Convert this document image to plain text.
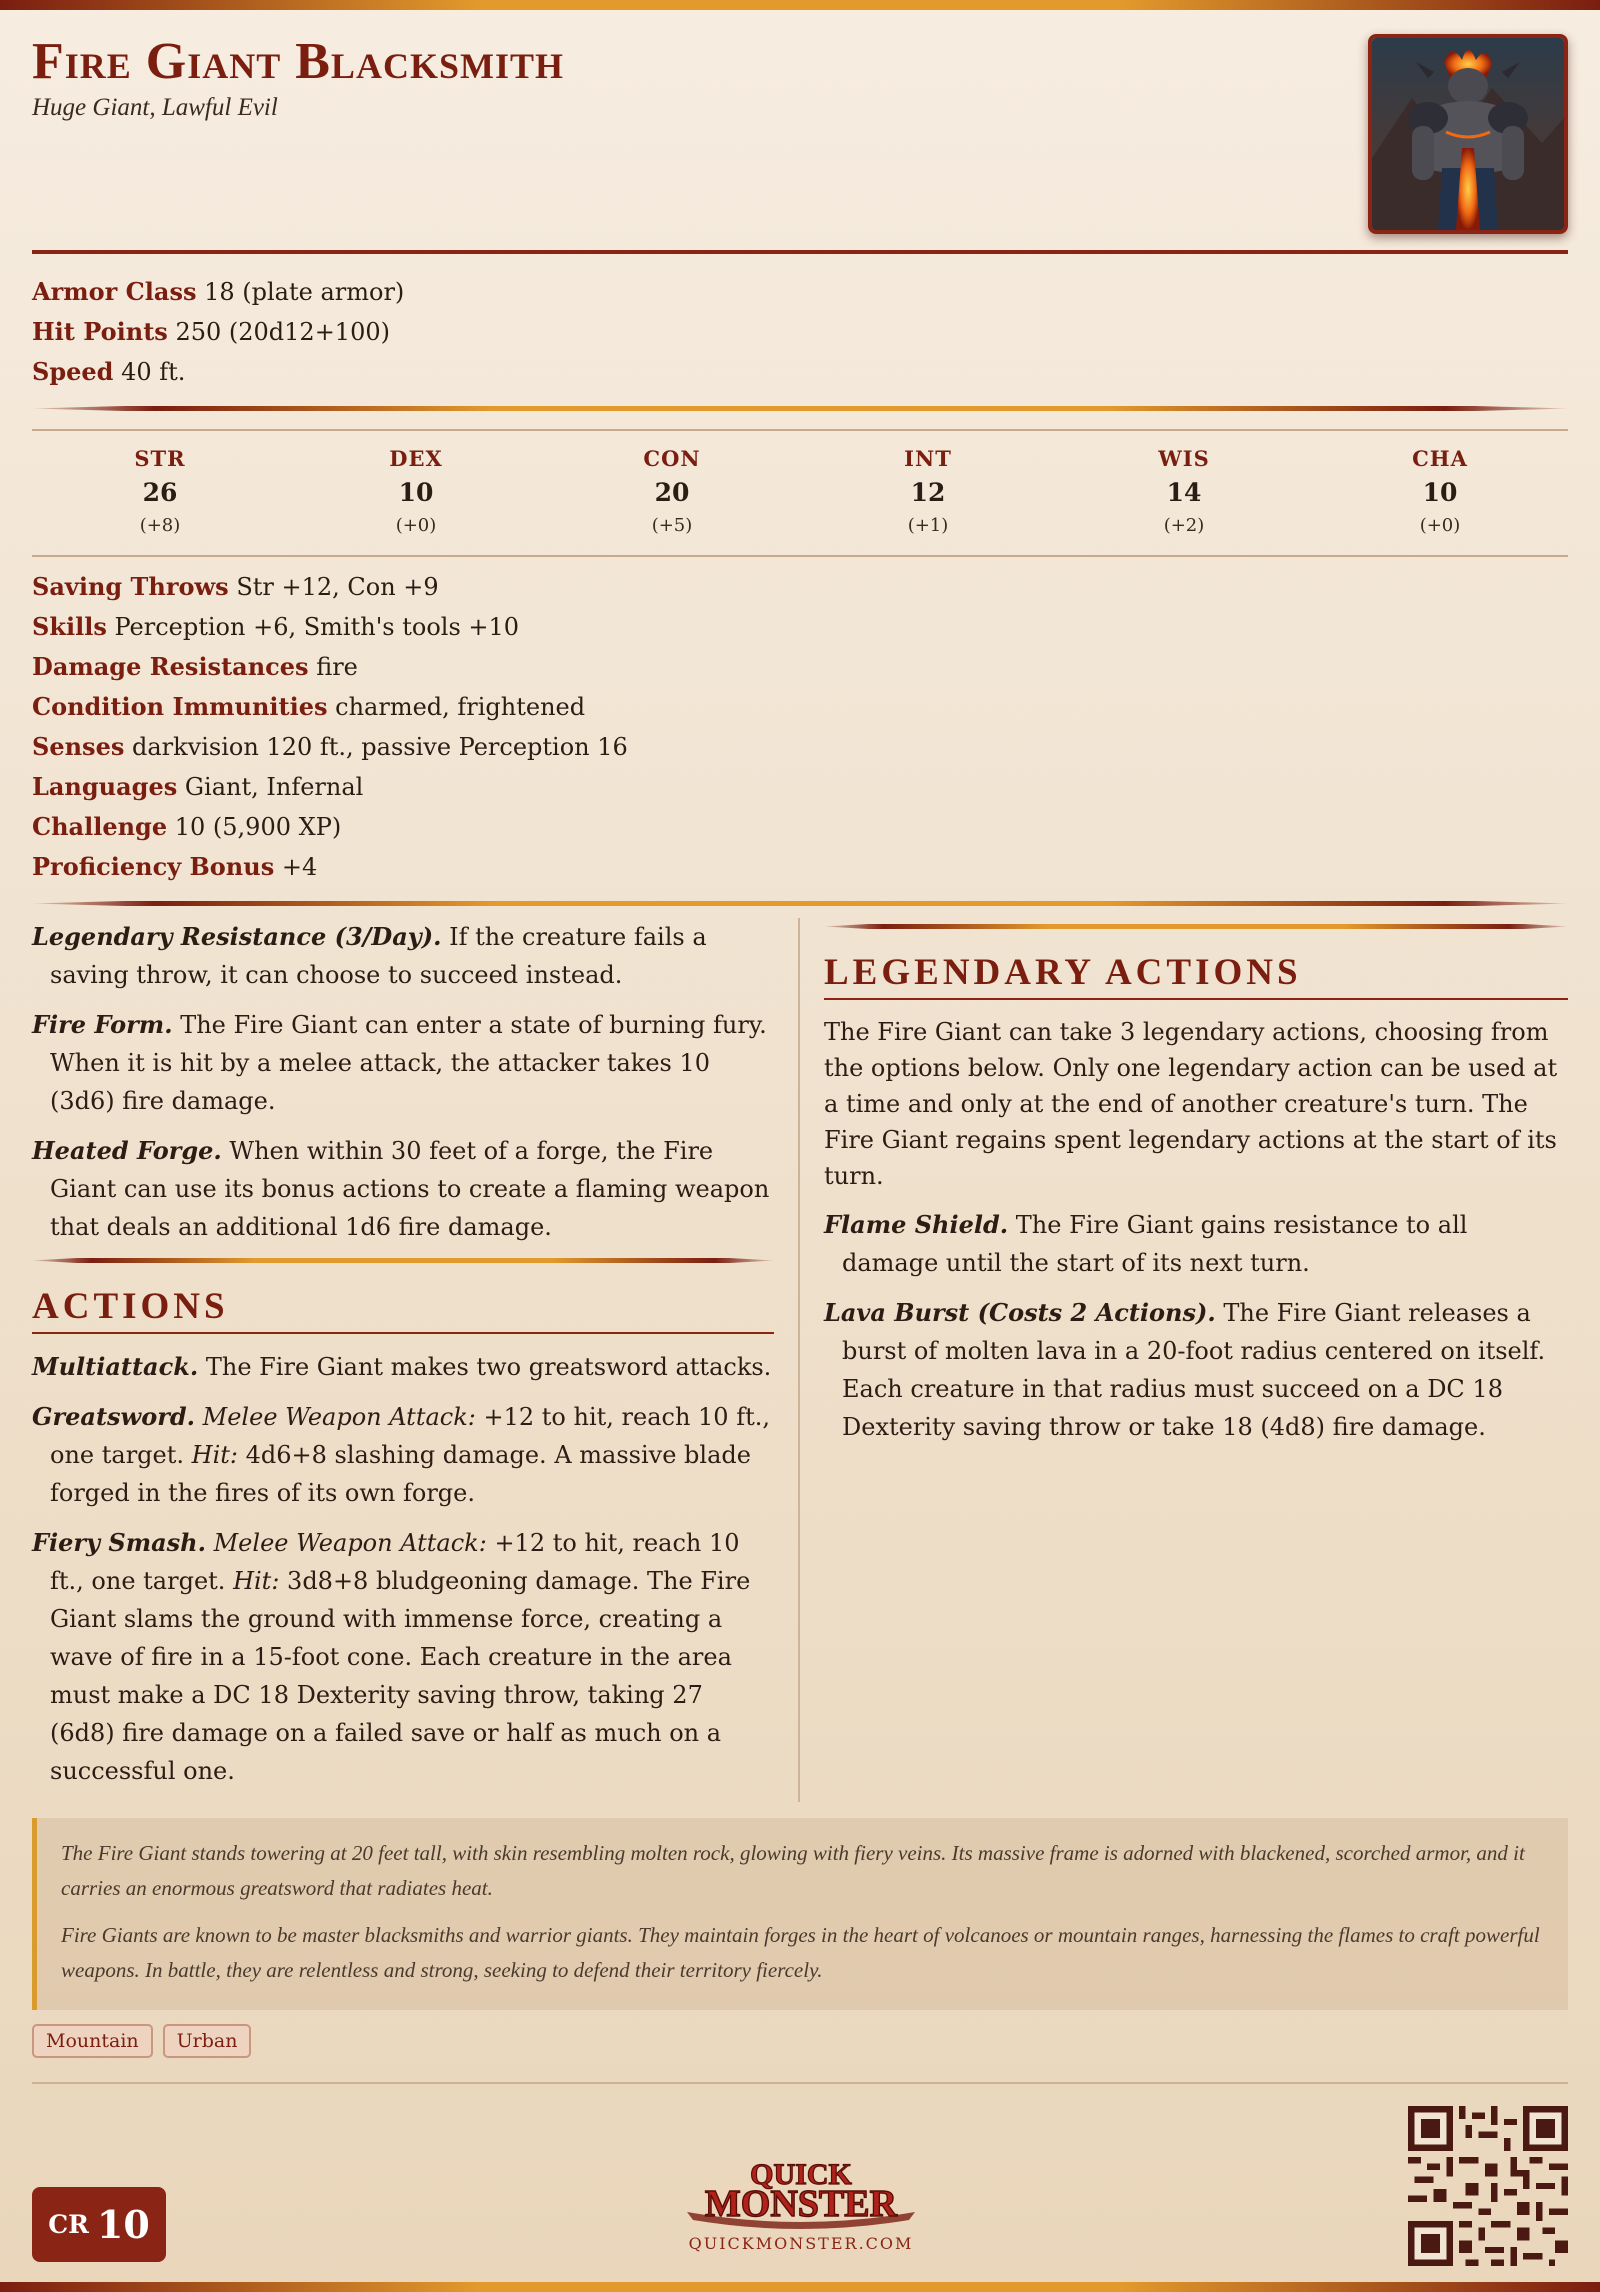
Fire Giant Blacksmith
Huge Giant, Lawful Evil
Armor Class 18 (plate armor)
Hit Points 250 (20d12+100)
Speed 40 ft.
STR
26
(+8)
DEX
10
(+0)
CON
20
(+5)
INT
12
(+1)
WIS
14
(+2)
CHA
10
(+0)
Saving Throws Str +12, Con +9
Skills Perception +6, Smith's tools +10
Damage Resistances fire
Condition Immunities charmed, frightened
Senses darkvision 120 ft., passive Perception 16
Languages Giant, Infernal
Challenge 10 (5,900 XP)
Proficiency Bonus +4
Legendary Resistance (3/Day). If the creature fails a saving throw, it can choose to succeed instead.
Fire Form. The Fire Giant can enter a state of burning fury. When it is hit by a melee attack, the attacker takes 10 (3d6) fire damage.
Heated Forge. When within 30 feet of a forge, the Fire Giant can use its bonus actions to create a flaming weapon that deals an additional 1d6 fire damage.
ACTIONS
Multiattack. The Fire Giant makes two greatsword attacks.
Greatsword. Melee Weapon Attack: +12 to hit, reach 10 ft., one target. Hit: 4d6+8 slashing damage. A massive blade forged in the fires of its own forge.
Fiery Smash. Melee Weapon Attack: +12 to hit, reach 10 ft., one target. Hit: 3d8+8 bludgeoning damage. The Fire Giant slams the ground with immense force, creating a wave of fire in a 15-foot cone. Each creature in the area must make a DC 18 Dexterity saving throw, taking 27 (6d8) fire damage on a failed save or half as much on a successful one.
LEGENDARY ACTIONS
The Fire Giant can take 3 legendary actions, choosing from the options below. Only one legendary action can be used at a time and only at the end of another creature's turn. The Fire Giant regains spent legendary actions at the start of its turn.
Flame Shield. The Fire Giant gains resistance to all damage until the start of its next turn.
Lava Burst (Costs 2 Actions). The Fire Giant releases a burst of molten lava in a 20-foot radius centered on itself. Each creature in that radius must succeed on a DC 18 Dexterity saving throw or take 18 (4d8) fire damage.

The Fire Giant stands towering at 20 feet tall, with skin resembling molten rock, glowing with fiery veins. Its massive frame is adorned with blackened, scorched armor, and it carries an enormous greatsword that radiates heat.

Fire Giants are known to be master blacksmiths and warrior giants. They maintain forges in the heart of volcanoes or mountain ranges, harnessing the flames to craft powerful weapons. In battle, they are relentless and strong, seeking to defend their territory fiercely.

Mountain	Urban
CR 10
QUICK
MONSTER
QUICKMONSTER.COM
